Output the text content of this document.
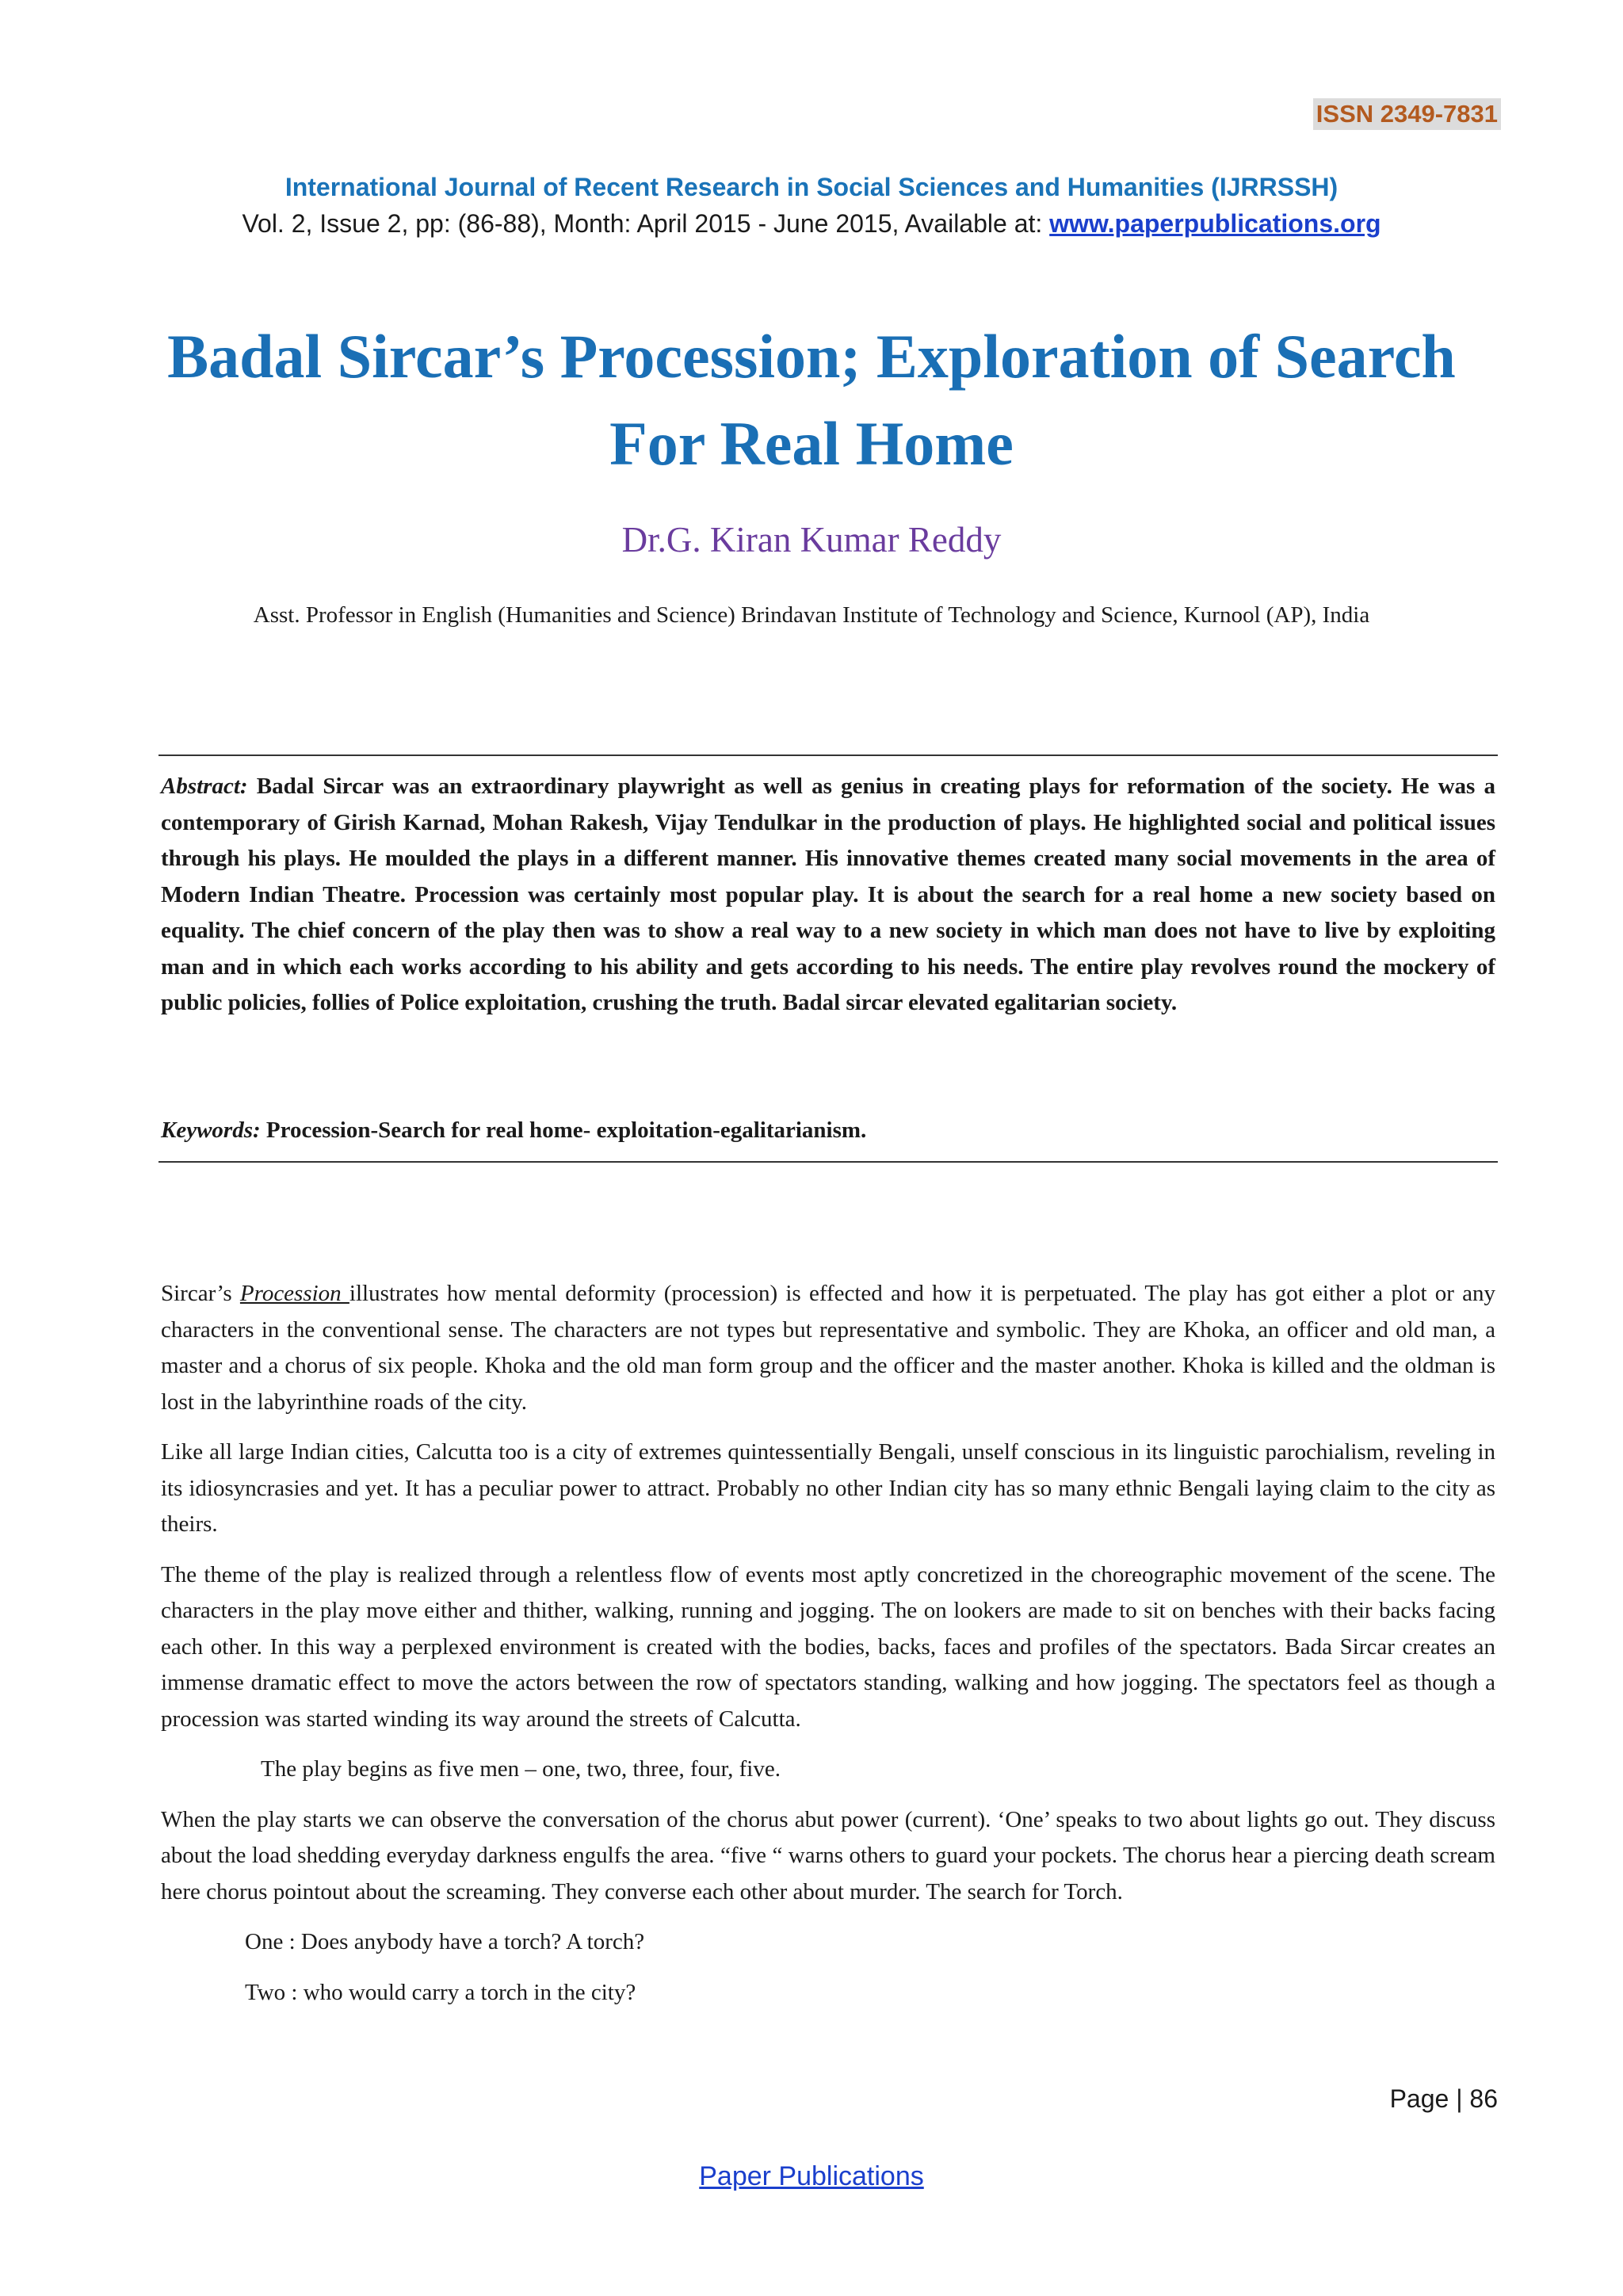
ISSN 2349-7831
International Journal of Recent Research in Social Sciences and Humanities (IJRRSSH)
Vol. 2, Issue 2, pp: (86-88), Month: April 2015 - June 2015, Available at: www.paperpublications.org
Badal Sircar’s Procession; Exploration of Search For Real Home
Dr.G. Kiran Kumar Reddy
Asst. Professor in English (Humanities and Science) Brindavan Institute of Technology and Science, Kurnool (AP), India
Abstract: Badal Sircar was an extraordinary playwright as well as genius in creating plays for reformation of the society. He was a contemporary of Girish Karnad, Mohan Rakesh, Vijay Tendulkar in the production of plays. He highlighted social and political issues through his plays. He moulded the plays in a different manner. His innovative themes created many social movements in the area of Modern Indian Theatre. Procession was certainly most popular play. It is about the search for a real home a new society based on equality. The chief concern of the play then was to show a real way to a new society in which man does not have to live by exploiting man and in which each works according to his ability and gets according to his needs. The entire play revolves round the mockery of public policies, follies of Police exploitation, crushing the truth. Badal sircar elevated egalitarian society.
Keywords: Procession-Search for real home- exploitation-egalitarianism.

Sircar’s Procession illustrates how mental deformity (procession) is effected and how it is perpetuated. The play has got either a plot or any characters in the conventional sense. The characters are not types but representative and symbolic. They are Khoka, an officer and old man, a master and a chorus of six people. Khoka and the old man form group and the officer and the master another. Khoka is killed and the oldman is lost in the labyrinthine roads of the city.

Like all large Indian cities, Calcutta too is a city of extremes quintessentially Bengali, unself conscious in its linguistic parochialism, reveling in its idiosyncrasies and yet. It has a peculiar power to attract. Probably no other Indian city has so many ethnic Bengali laying claim to the city as theirs.

The theme of the play is realized through a relentless flow of events most aptly concretized in the choreographic movement of the scene. The characters in the play move either and thither, walking, running and jogging. The on lookers are made to sit on benches with their backs facing each other. In this way a perplexed environment is created with the bodies, backs, faces and profiles of the spectators. Bada Sircar creates an immense dramatic effect to move the actors between the row of spectators standing, walking and how jogging. The spectators feel as though a procession was started winding its way around the streets of Calcutta.

The play begins as five men – one, two, three, four, five.

When the play starts we can observe the conversation of the chorus abut power (current). ‘One’ speaks to two about lights go out. They discuss about the load shedding everyday darkness engulfs the area. “five “ warns others to guard your pockets. The chorus hear a piercing death scream here chorus pointout about the screaming. They converse each other about murder. The search for Torch.

One : Does anybody have a torch? A torch?

Two : who would carry a torch in the city?

Page | 86
Paper Publications
